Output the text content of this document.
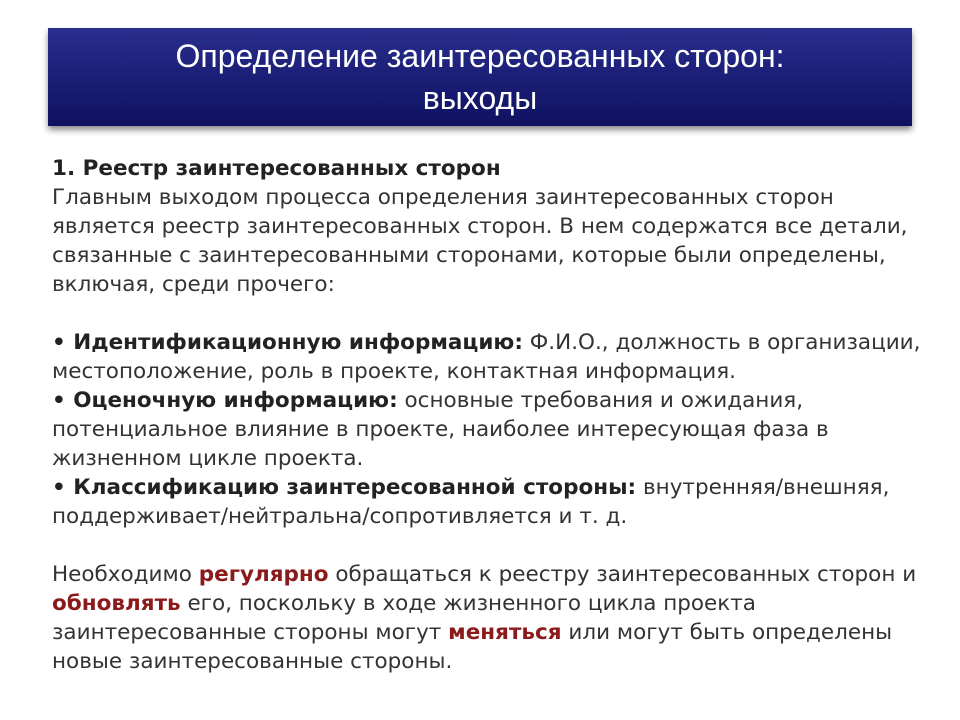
Определение заинтересованных сторон:
выходы

1. Реестр заинтересованных сторон

Главным выходом процесса определения заинтересованных сторон является реестр заинтересованных сторон. В нем содержатся все детали, связанные с заинтересованными сторонами, которые были определены, включая, среди прочего:

• Идентификационную информацию: Ф.И.О., должность в организации, местоположение, роль в проекте, контактная информация.

• Оценочную информацию: основные требования и ожидания, потенциальное влияние в проекте, наиболее интересующая фаза в жизненном цикле проекта.

• Классификацию заинтересованной стороны: внутренняя/внешняя, поддерживает/нейтральна/сопротивляется и т. д.

Необходимо регулярно обращаться к реестру заинтересованных сторон и обновлять его, поскольку в ходе жизненного цикла проекта заинтересованные стороны могут меняться или могут быть определены новые заинтересованные стороны.
